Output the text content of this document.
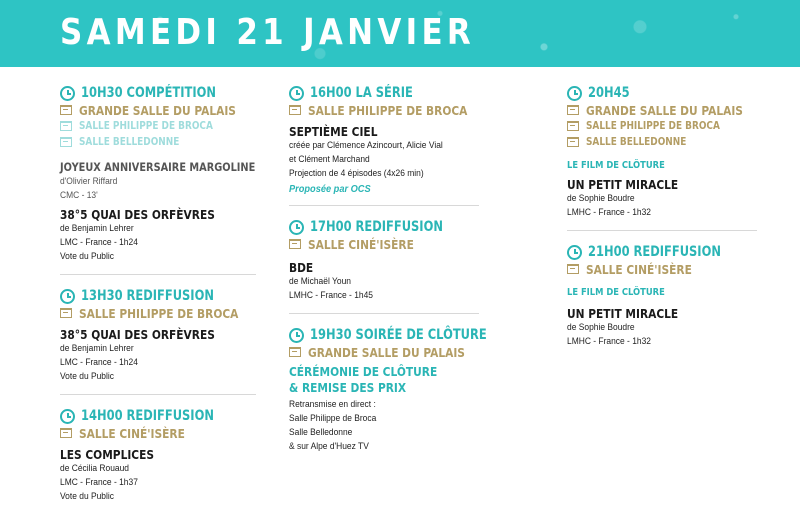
SAMEDI 21 JANVIER
10H30 COMPÉTITION
GRANDE SALLE DU PALAIS
SALLE PHILIPPE DE BROCA
SALLE BELLEDONNE
JOYEUX ANNIVERSAIRE MARGOLINE
d'Olivier Riffard
CMC - 13'
38°5 QUAI DES ORFÈVRES
de Benjamin Lehrer
LMC - France - 1h24
Vote du Public
13H30 REDIFFUSION
SALLE PHILIPPE DE BROCA
38°5 QUAI DES ORFÈVRES
de Benjamin Lehrer
LMC - France - 1h24
Vote du Public
14H00 REDIFFUSION
SALLE CINÉ'ISÈRE
LES COMPLICES
de Cécilia Rouaud
LMC - France - 1h37
Vote du Public
16H00 LA SÉRIE
SALLE PHILIPPE DE BROCA
SEPTIÈME CIEL
créée par Clémence Azincourt, Alicie Vial
et Clément Marchand
Projection de 4 épisodes (4x26 min)
Proposée par OCS
17H00 REDIFFUSION
SALLE CINÉ'ISÈRE
BDE
de Michaël Youn
LMHC - France - 1h45
19H30 SOIRÉE DE CLÔTURE
GRANDE SALLE DU PALAIS
CÉRÉMONIE DE CLÔTURE
& REMISE DES PRIX
Retransmise en direct :
Salle Philippe de Broca
Salle Belledonne
& sur Alpe d'Huez TV
20H45
GRANDE SALLE DU PALAIS
SALLE PHILIPPE DE BROCA
SALLE BELLEDONNE
LE FILM DE CLÔTURE
UN PETIT MIRACLE
de Sophie Boudre
LMHC - France - 1h32
21H00 REDIFFUSION
SALLE CINÉ'ISÈRE
LE FILM DE CLÔTURE
UN PETIT MIRACLE
de Sophie Boudre
LMHC - France - 1h32
